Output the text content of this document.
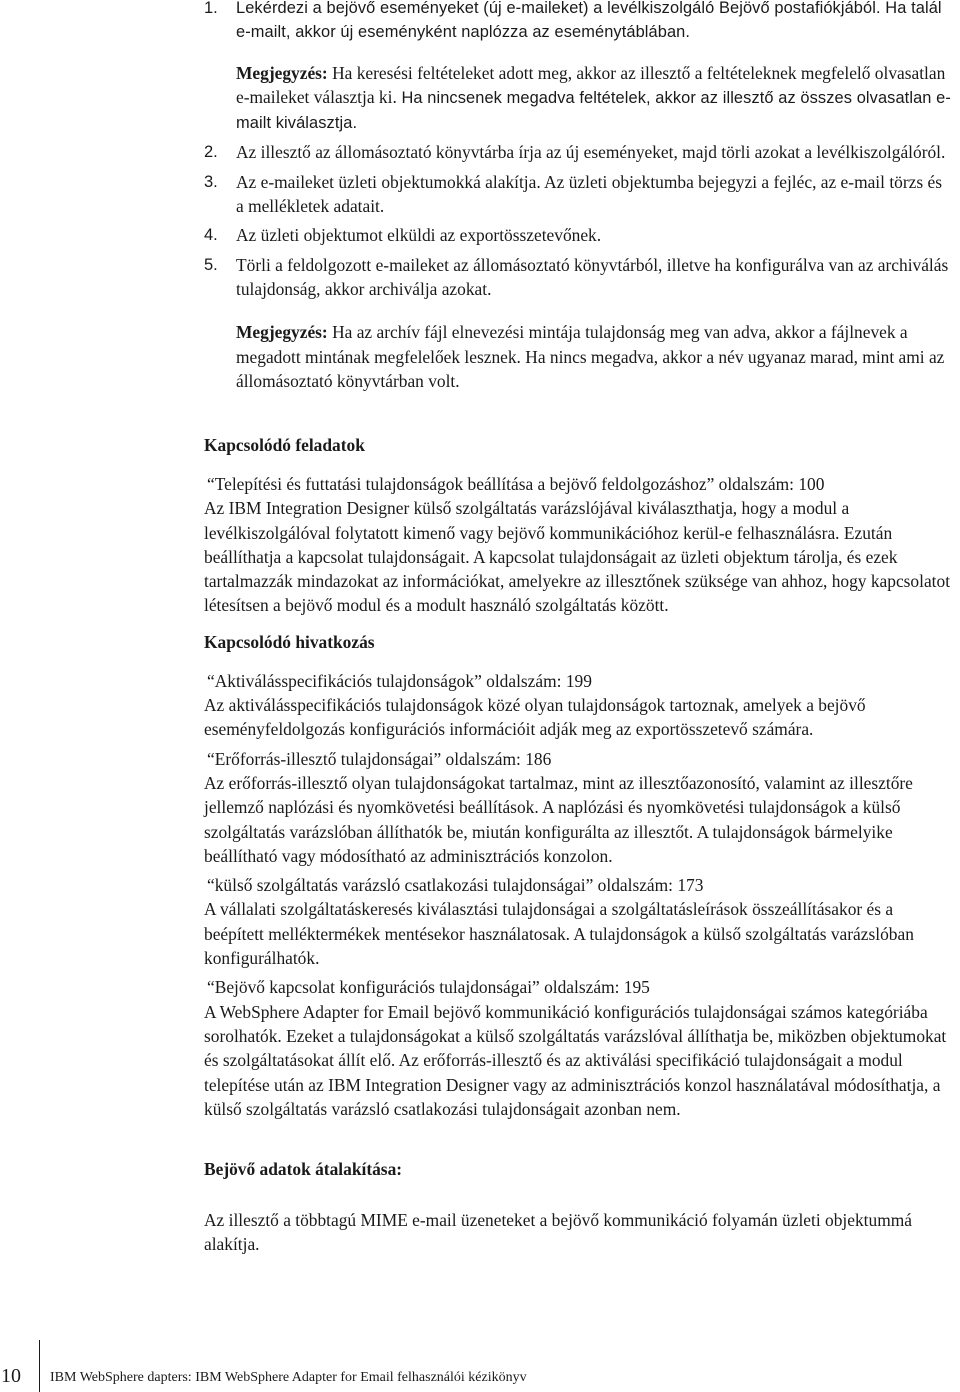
1. Lekérdezi a bejövő eseményeket (új e-maileket) a levélkiszolgáló Bejövő postafiókjából. Ha talál e-mailt, akkor új eseményként naplózza az eseménytáblában.
Megjegyzés: Ha keresési feltételeket adott meg, akkor az illesztő a feltételeknek megfelelő olvasatlan e-maileket választja ki. Ha nincsenek megadva feltételek, akkor az illesztő az összes olvasatlan e-mailt kiválasztja.
2. Az illesztő az állomásoztató könyvtárba írja az új eseményeket, majd törli azokat a levélkiszolgálóról.
3. Az e-maileket üzleti objektumokká alakítja. Az üzleti objektumba bejegyzi a fejléc, az e-mail törzs és a mellékletek adatait.
4. Az üzleti objektumot elküldi az exportösszetevőnek.
5. Törli a feldolgozott e-maileket az állomásoztató könyvtárból, illetve ha konfigurálva van az archiválás tulajdonság, akkor archiválja azokat.
Megjegyzés: Ha az archív fájl elnevezési mintája tulajdonság meg van adva, akkor a fájlnevek a megadott mintának megfelelőek lesznek. Ha nincs megadva, akkor a név ugyanaz marad, mint ami az állomásoztató könyvtárban volt.
Kapcsolódó feladatok

“Telepítési és futtatási tulajdonságok beállítása a bejövő feldolgozáshoz” oldalszám: 100

Az IBM Integration Designer külső szolgáltatás varázslójával kiválaszthatja, hogy a modul a levélkiszolgálóval folytatott kimenő vagy bejövő kommunikációhoz kerül-e felhasználásra. Ezután beállíthatja a kapcsolat tulajdonságait. A kapcsolat tulajdonságait az üzleti objektum tárolja, és ezek tartalmazzák mindazokat az információkat, amelyekre az illesztőnek szüksége van ahhoz, hogy kapcsolatot létesítsen a bejövő modul és a modult használó szolgáltatás között.

Kapcsolódó hivatkozás

“Aktiválásspecifikációs tulajdonságok” oldalszám: 199

Az aktiválásspecifikációs tulajdonságok közé olyan tulajdonságok tartoznak, amelyek a bejövő eseményfeldolgozás konfigurációs információit adják meg az exportösszetevő számára.

“Erőforrás-illesztő tulajdonságai” oldalszám: 186

Az erőforrás-illesztő olyan tulajdonságokat tartalmaz, mint az illesztőazonosító, valamint az illesztőre jellemző naplózási és nyomkövetési beállítások. A naplózási és nyomkövetési tulajdonságok a külső szolgáltatás varázslóban állíthatók be, miután konfigurálta az illesztőt. A tulajdonságok bármelyike beállítható vagy módosítható az adminisztrációs konzolon.

“külső szolgáltatás varázsló csatlakozási tulajdonságai” oldalszám: 173

A vállalati szolgáltatáskeresés kiválasztási tulajdonságai a szolgáltatásleírások összeállításakor és a beépített melléktermékek mentésekor használatosak. A tulajdonságok a külső szolgáltatás varázslóban konfigurálhatók.

“Bejövő kapcsolat konfigurációs tulajdonságai” oldalszám: 195

A WebSphere Adapter for Email bejövő kommunikáció konfigurációs tulajdonságai számos kategóriába sorolhatók. Ezeket a tulajdonságokat a külső szolgáltatás varázslóval állíthatja be, miközben objektumokat és szolgáltatásokat állít elő. Az erőforrás-illesztő és az aktiválási specifikáció tulajdonságait a modul telepítése után az IBM Integration Designer vagy az adminisztrációs konzol használatával módosíthatja, a külső szolgáltatás varázsló csatlakozási tulajdonságait azonban nem.

Bejövő adatok átalakítása:

Az illesztő a többtagú MIME e-mail üzeneteket a bejövő kommunikáció folyamán üzleti objektummá alakítja.

10 IBM WebSphere dapters: IBM WebSphere Adapter for Email felhasználói kézikönyv
